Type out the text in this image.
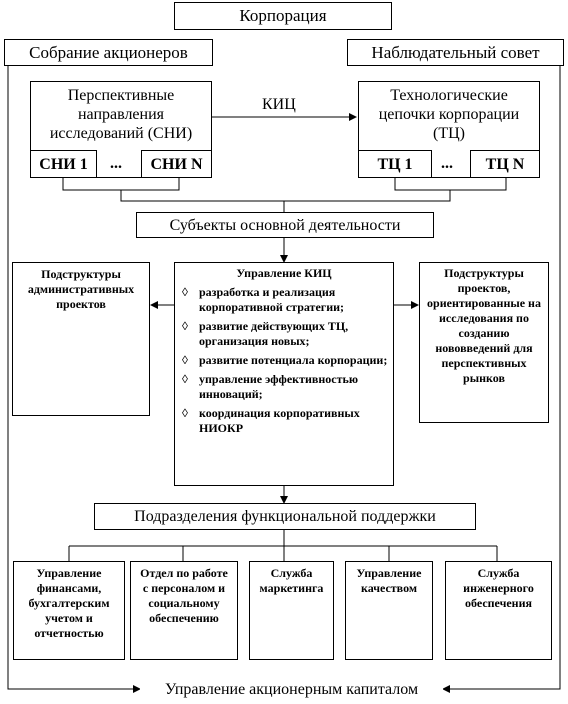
Корпорация
Собрание акционеров	Наблюдательный совет
КИЦ
Перспективные направления исследований (СНИ)
СНИ 1	...	СНИ N
Технологические цепочки корпорации (ТЦ)
ТЦ 1	...	ТЦ N
Субъекты основной деятельности
Подструктуры административных проектов
Управление КИЦ
◊ разработка и реализация корпоративной стратегии;
◊ развитие действующих ТЦ, организация новых;
◊ развитие потенциала корпорации;
◊ управление эффективностью инноваций;
◊ координация корпоративных НИОКР
Подструктуры проектов, ориентированные на исследования по созданию нововведений для перспективных рынков
Подразделения функциональной поддержки
Управление финансами, бухгалтерским учетом и отчетностью
Отдел по работе с персоналом и социальному обеспечению
Служба маркетинга
Управление качеством
Служба инженерного обеспечения
Управление акционерным капиталом
